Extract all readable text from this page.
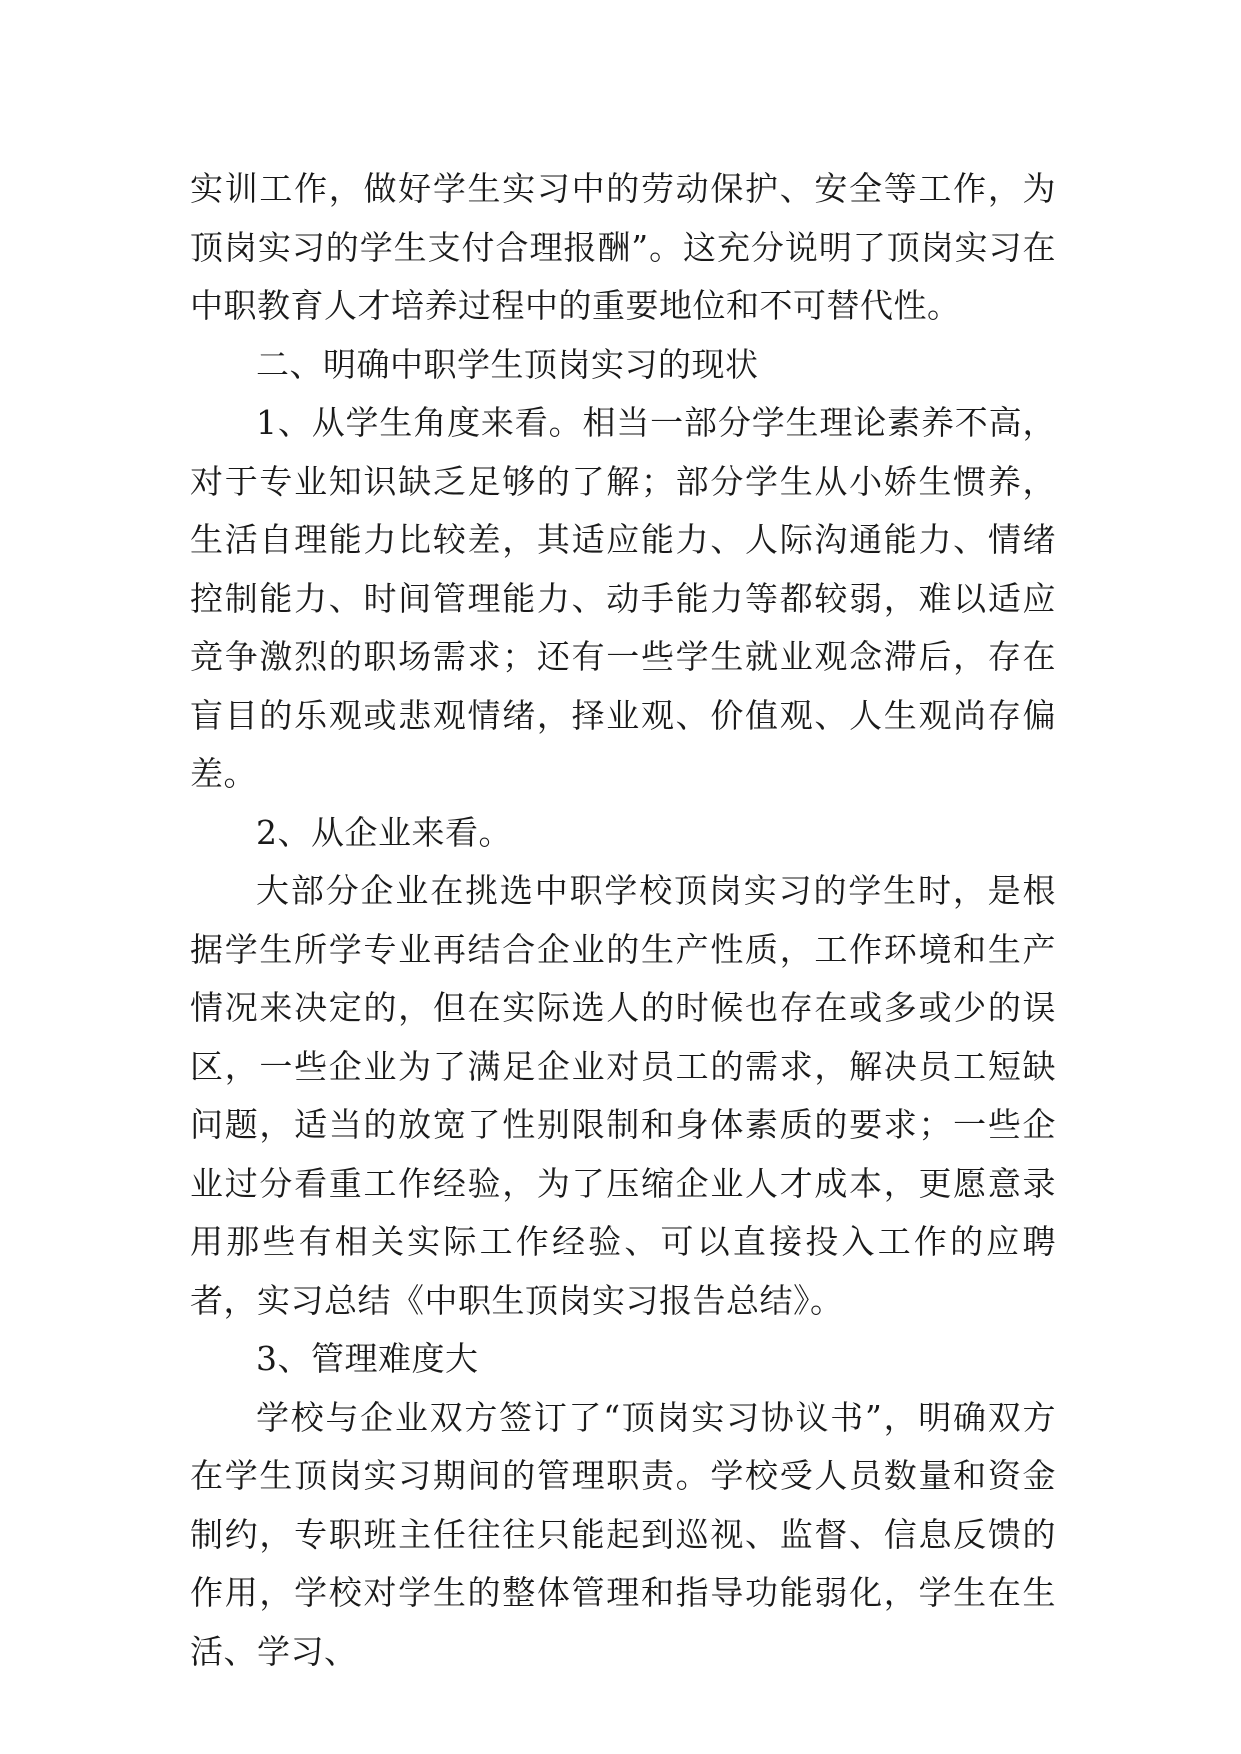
实训工作，做好学生实习中的劳动保护、安全等工作，为顶岗实习的学生支付合理报酬”。这充分说明了顶岗实习在中职教育人才培养过程中的重要地位和不可替代性。

二、明确中职学生顶岗实习的现状

1、从学生角度来看。相当一部分学生理论素养不高，对于专业知识缺乏足够的了解；部分学生从小娇生惯养，生活自理能力比较差，其适应能力、人际沟通能力、情绪控制能力、时间管理能力、动手能力等都较弱，难以适应竞争激烈的职场需求；还有一些学生就业观念滞后，存在盲目的乐观或悲观情绪，择业观、价值观、人生观尚存偏差。

2、从企业来看。

大部分企业在挑选中职学校顶岗实习的学生时，是根据学生所学专业再结合企业的生产性质，工作环境和生产情况来决定的，但在实际选人的时候也存在或多或少的误区，一些企业为了满足企业对员工的需求，解决员工短缺问题，适当的放宽了性别限制和身体素质的要求；一些企业过分看重工作经验，为了压缩企业人才成本，更愿意录用那些有相关实际工作经验、可以直接投入工作的应聘者，实习总结《中职生顶岗实习报告总结》。

3、管理难度大

学校与企业双方签订了“顶岗实习协议书”，明确双方在学生顶岗实习期间的管理职责。学校受人员数量和资金制约，专职班主任往往只能起到巡视、监督、信息反馈的作用，学校对学生的整体管理和指导功能弱化，学生在生活、学习、
